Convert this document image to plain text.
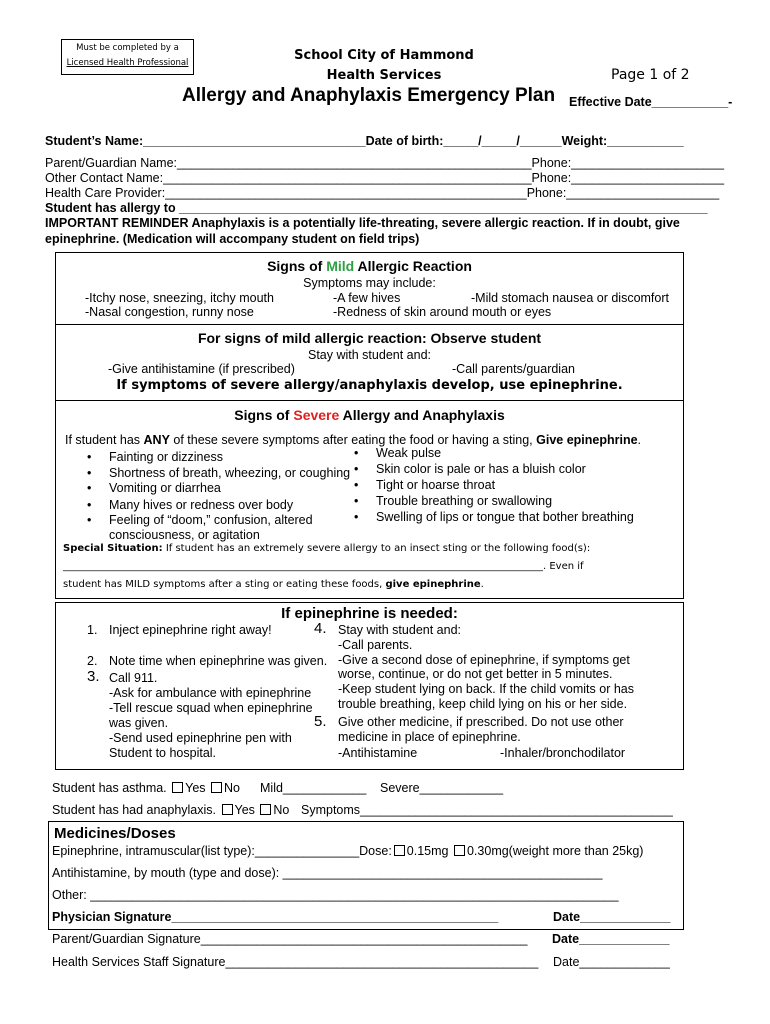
Must be completed by a
Licensed Health Professional	School City of Hammond
Health Services	Page 1 of 2
Allergy and Anaphylaxis Emergency Plan Effective Date___________-
Student’s Name:________________________________Date of birth:_____/_____/______Weight:___________
Parent/Guardian Name:___________________________________________________Phone:______________________
Other Contact Name:_____________________________________________________Phone:______________________
Health Care Provider:____________________________________________________Phone:______________________
Student has allergy to ____________________________________________________________________________
IMPORTANT REMINDER Anaphylaxis is a potentially life-threating, severe allergic reaction. If in doubt, give
epinephrine. (Medication will accompany student on field trips)
Signs of Mild Allergic Reaction
Symptoms may include:
-Itchy nose, sneezing, itchy mouth	-A few hives	-Mild stomach nausea or discomfort
-Nasal congestion, runny nose	-Redness of skin around mouth or eyes
For signs of mild allergic reaction: Observe student
Stay with student and:
-Give antihistamine (if prescribed)	-Call parents/guardian
If symptoms of severe allergy/anaphylaxis develop, use epinephrine.
Signs of Severe Allergy and Anaphylaxis
If student has ANY of these severe symptoms after eating the food or having a sting, Give epinephrine.
• Fainting or dizziness
• Shortness of breath, wheezing, or coughing
• Vomiting or diarrhea
• Many hives or redness over body
• Feeling of “doom,” confusion, altered
consciousness, or agitation
• Weak pulse
• Skin color is pale or has a bluish color
• Tight or hoarse throat
• Trouble breathing or swallowing
• Swelling of lips or tongue that bother breathing
Special Situation: If student has an extremely severe allergy to an insect sting or the following food(s):
________________________________________________________________________________________________. Even if
student has MILD symptoms after a sting or eating these foods, give epinephrine.
If epinephrine is needed:
1. Inject epinephrine right away!
2. Note time when epinephrine was given.
3. Call 911.
-Ask for ambulance with epinephrine
-Tell rescue squad when epinephrine
was given.
-Send used epinephrine pen with
Student to hospital.
4. Stay with student and:
-Call parents.
-Give a second dose of epinephrine, if symptoms get
worse, continue, or do not get better in 5 minutes.
-Keep student lying on back. If the child vomits or has
trouble breathing, keep child lying on his or her side.
5. Give other medicine, if prescribed. Do not use other
medicine in place of epinephrine.
-Antihistamine	-Inhaler/bronchodilator
Student has asthma. Yes No Mild____________ Severe____________
Student has had anaphylaxis. Yes No Symptoms_____________________________________________
Medicines/Doses
Epinephrine, intramuscular(list type):_______________Dose: 0.15mg 0.30mg(weight more than 25kg)
Antihistamine, by mouth (type and dose): ______________________________________________
Other: ____________________________________________________________________________
Physician Signature_______________________________________________	Date_____________
Parent/Guardian Signature_______________________________________________ Date_____________
Health Services Staff Signature_____________________________________________ Date_____________
